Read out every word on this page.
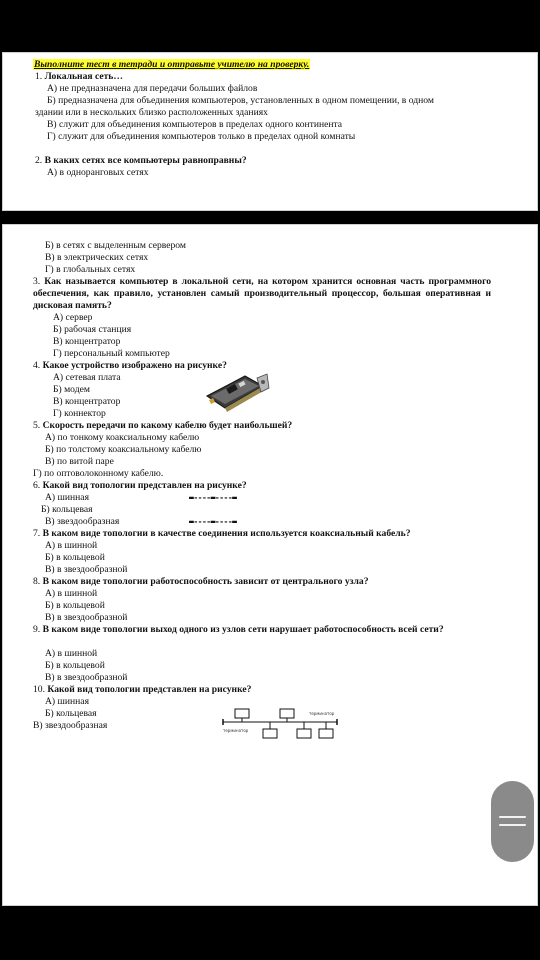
Выполните тест в тетради и отправьте учителю на проверку.
1. Локальная сеть…
А) не предназначена для передачи больших файлов
Б) предназначена для объединения компьютеров, установленных в одном помещении, в одном
здании или в нескольких близко расположенных зданиях
В) служит для объединения компьютеров в пределах одного континента
Г) служит для объединения компьютеров только в пределах одной комнаты
2. В каких сетях все компьютеры равноправны?
А) в одноранговых сетях
Б) в сетях с выделенным сервером
В) в электрических сетях
Г) в глобальных сетях
3. Как называется компьютер в локальной сети, на котором хранится основная часть программного обеспечения, как правило, установлен самый производительный процессор, большая оперативная и дисковая память?
А) сервер
Б) рабочая станция
В) концентратор
Г) персональный компьютер
4. Какое устройство изображено на рисунке?
А) сетевая плата
Б) модем
В) концентратор
Г) коннектор
5. Скорость передачи по какому кабелю будет наибольшей?
А) по тонкому коаксиальному кабелю
Б) по толстому коаксиальному кабелю
В) по витой паре
Г) по оптоволоконному кабелю.
6. Какой вид топологии представлен на рисунке?
А) шинная	▬----▬----▬
Б) кольцевая
В) звездообразная	▬----▬----▬
7. В каком виде топологии в качестве соединения используется коаксиальный кабель?
А) в шинной
Б) в кольцевой
В) в звездообразной
8. В каком виде топологии работоспособность зависит от центрального узла?
А) в шинной
Б) в кольцевой
В) в звездообразной
9. В каком виде топологии выход одного из узлов сети нарушает работоспособность всей сети?
А) в шинной
Б) в кольцевой
В) в звездообразной
10. Какой вид топологии представлен на рисунке?
А) шинная
Б) кольцевая
В) звездообразная
терминатор
терминатор
